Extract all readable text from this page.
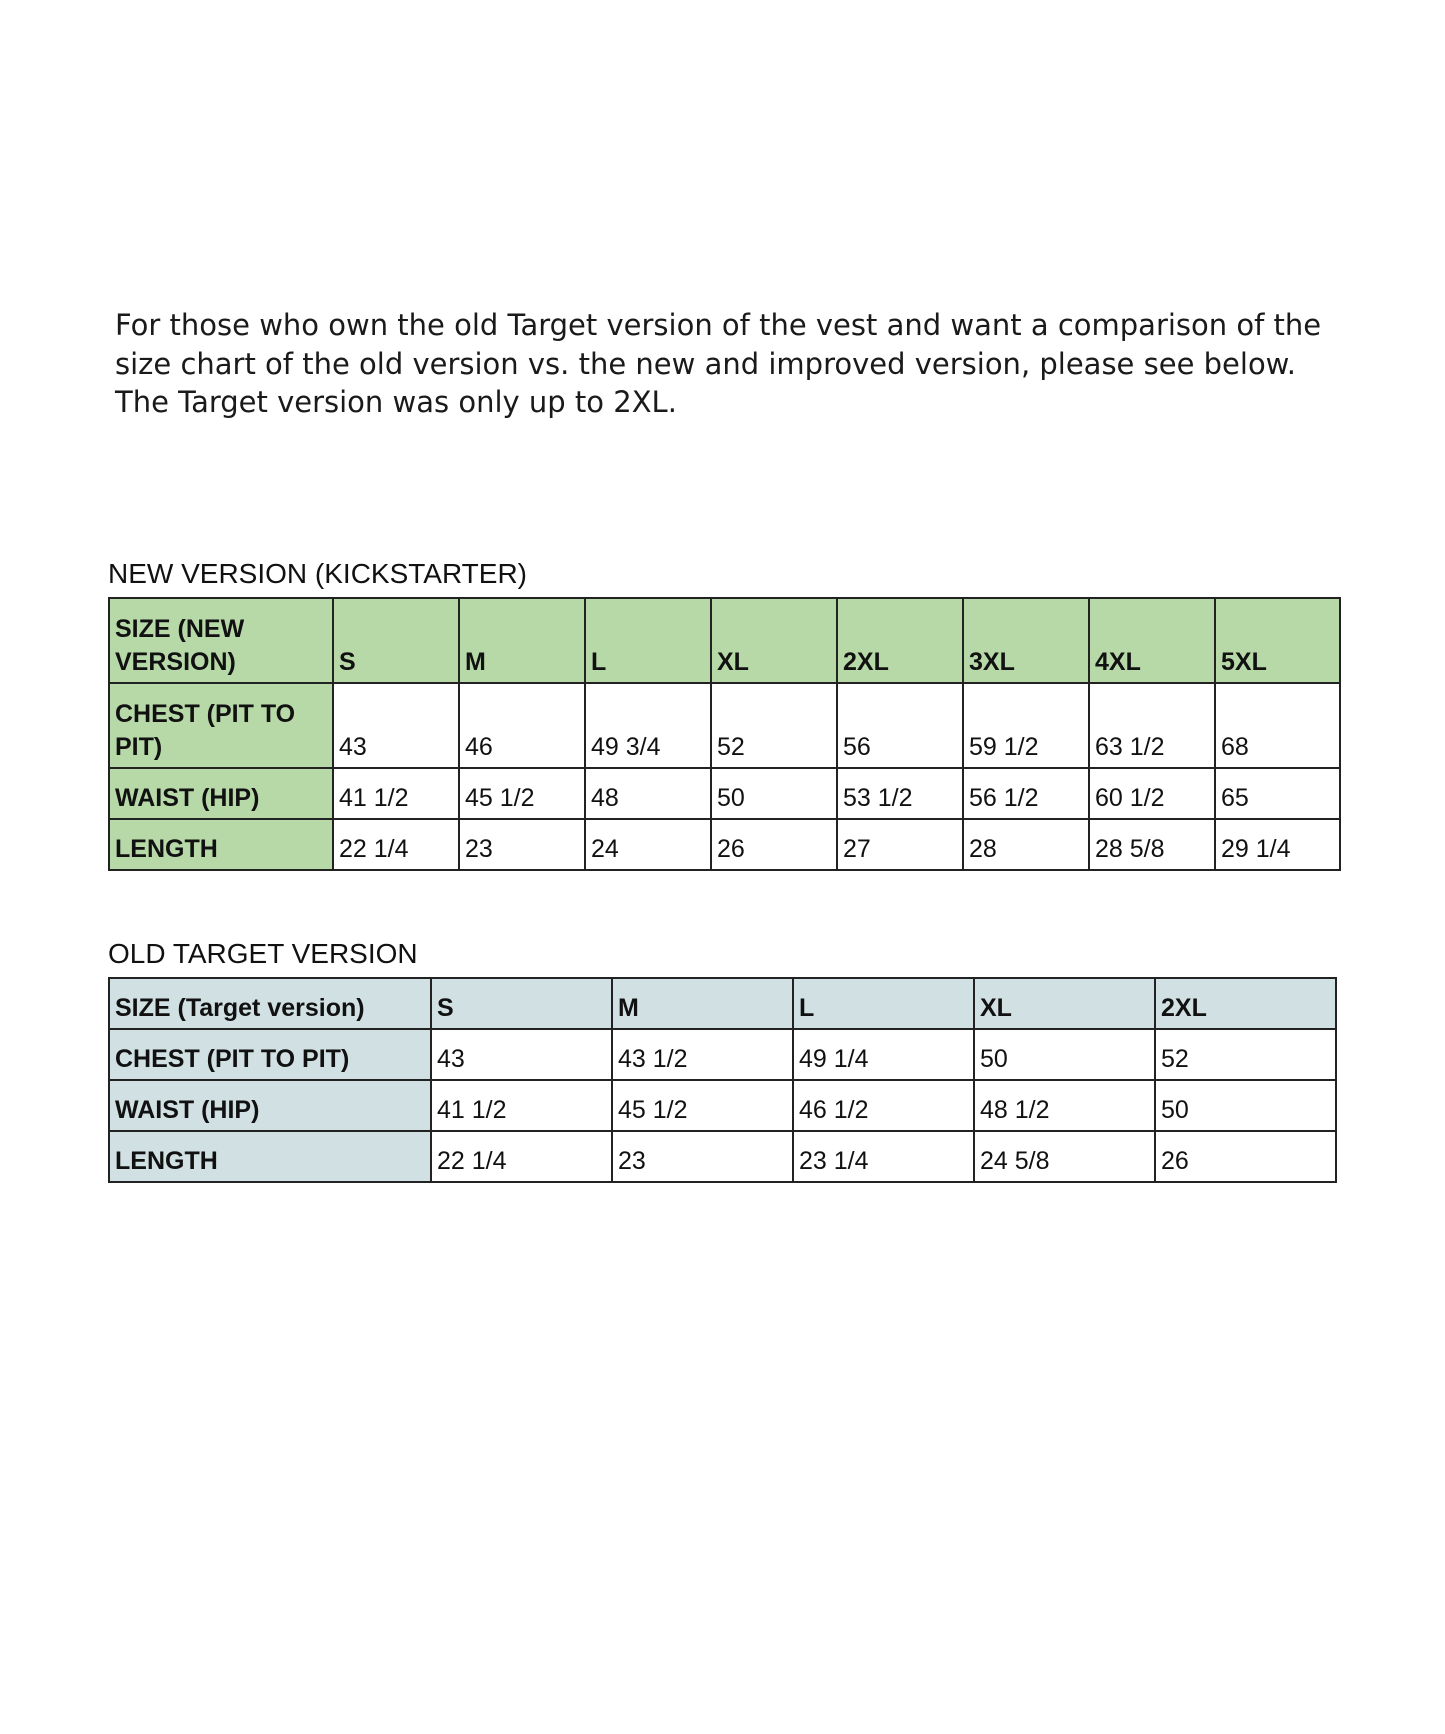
For those who own the old Target version of the vest and want a comparison of the
size chart of the old version vs. the new and improved version, please see below.
The Target version was only up to 2XL.

NEW VERSION (KICKSTARTER)
SIZE (NEW VERSION)	S	M	L	XL	2XL	3XL	4XL	5XL
CHEST (PIT TO PIT)	43	46	49 3/4	52	56	59 1/2	63 1/2	68
WAIST (HIP)	41 1/2	45 1/2	48	50	53 1/2	56 1/2	60 1/2	65
LENGTH	22 1/4	23	24	26	27	28	28 5/8	29 1/4
OLD TARGET VERSION
SIZE (Target version)	S	M	L	XL	2XL
CHEST (PIT TO PIT)	43	43 1/2	49 1/4	50	52
WAIST (HIP)	41 1/2	45 1/2	46 1/2	48 1/2	50
LENGTH	22 1/4	23	23 1/4	24 5/8	26
